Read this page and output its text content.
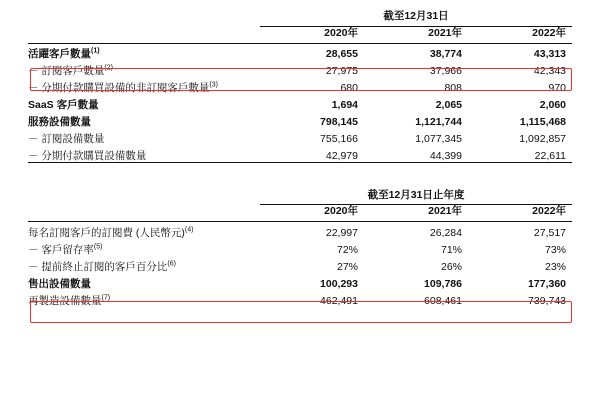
	截至12月31日		
	2020年	2021年	2022年
活躍客戶數量$^{(1)}$	28,655	38,774	43,313
－ 訂閱客戶數量$^{(2)}$	27,975	37,966	42,343
－ 分期付款購買設備的非訂閱客戶數量$^{(3)}$	680	808	970
SaaS 客戶數量	1,694	2,065	2,060
服務設備數量	798,145	1,121,744	1,115,468
－ 訂閱設備數量	755,166	1,077,345	1,092,857
－ 分期付款購買設備數量	42,979	44,399	22,611
	截至12月31日止年度		
	2020年	2021年	2022年
每名訂閱客戶的訂閱費 (人民幣元)$^{(4)}$	22,997	26,284	27,517
－ 客戶留存率$^{(5)}$	72%	71%	73%
－ 提前終止訂閱的客戶百分比$^{(6)}$	27%	26%	23%
售出設備數量	100,293	109,786	177,360
再製造設備數量$^{(7)}$	462,491	608,461	739,743
